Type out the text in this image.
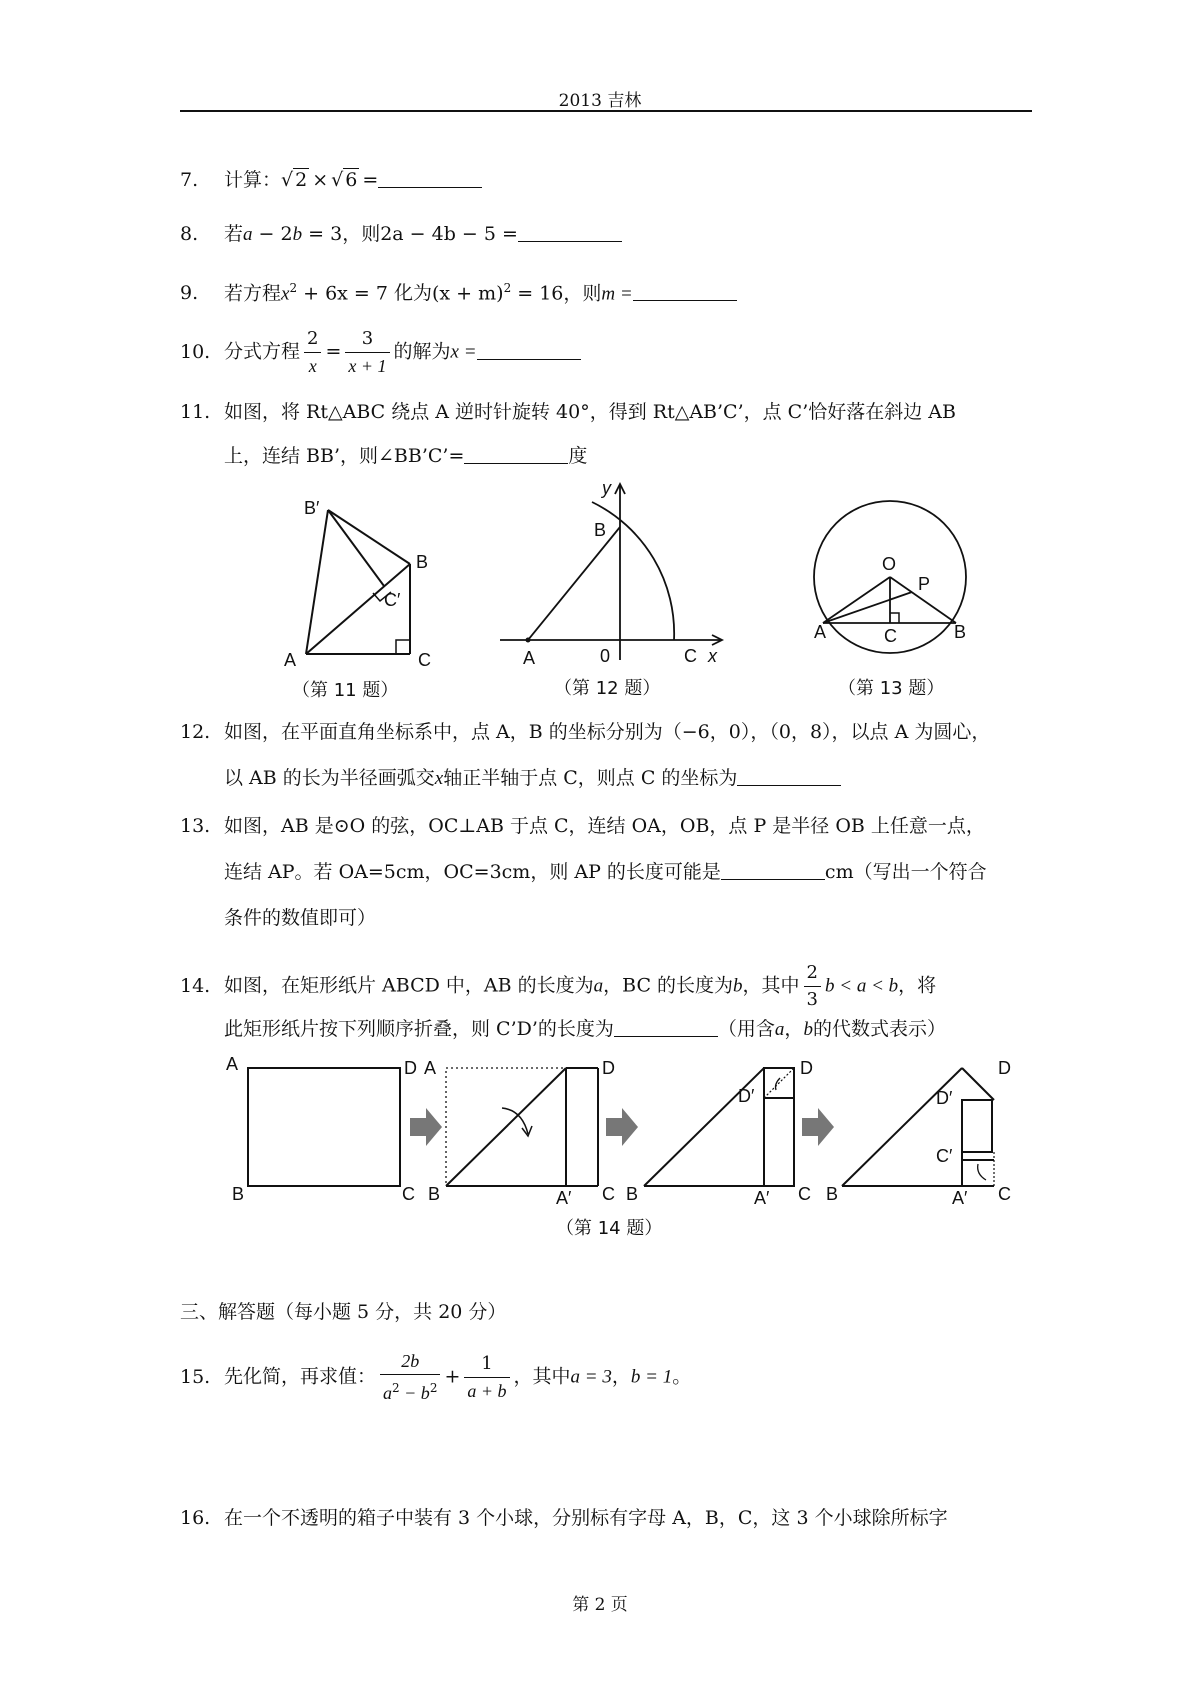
2013 吉林
7. 计算：√ 2 × √ 6 =
8. 若a − 2b = 3，则2a − 4b − 5 =
9. 若方程$x^2 + 6x = 7$ 化为$(x + m)^2 = 16$，则m =
10. 分式方程 $\frac{2}{x} = \frac{3}{x + 1}$ 的解为x =
11. 如图，将 Rt△ABC 绕点 A 逆时针旋转 40°，得到 Rt△AB’C’，点 C’恰好落在斜边 AB
上，连结 BB’，则∠BB’C’=	度
B′
B
C′
A	C
（第 11 题）
y
B
A	0	C x
（第 12 题）
O
P
A	C	B
（第 13 题）
12. 如图，在平面直角坐标系中，点 A，B 的坐标分别为（−6，0），（0，8），以点 A 为圆心，
以 AB 的长为半径画弧交x轴正半轴于点 C，则点 C 的坐标为
13. 如图，AB 是⊙O 的弦，OC⊥AB 于点 C，连结 OA，OB，点 P 是半径 OB 上任意一点，
连结 AP。若 OA=5cm，OC=3cm，则 AP 的长度可能是	cm（写出一个符合
条件的数值即可）
14. 如图，在矩形纸片 ABCD 中，AB 的长度为a，BC 的长度为b，其中 $\frac{2}{3}$ b < a < b，将
此矩形纸片按下列顺序折叠，则 C’D’的长度为	（用含a，b的代数式表示）
A	D
B	C
A	D
B	A′ C
D′
D
B	A′ C
D
D′
C′
B	A′ C
（第 14 题）
三、解答题（每小题 5 分，共 20 分）
15. 先化简，再求值： $\frac{2b}{a^2 - b^2} + \frac{1}{a + b}$ ，其中a = 3，b = 1。
16. 在一个不透明的箱子中装有 3 个小球，分别标有字母 A，B，C，这 3 个小球除所标字
第 2 页
